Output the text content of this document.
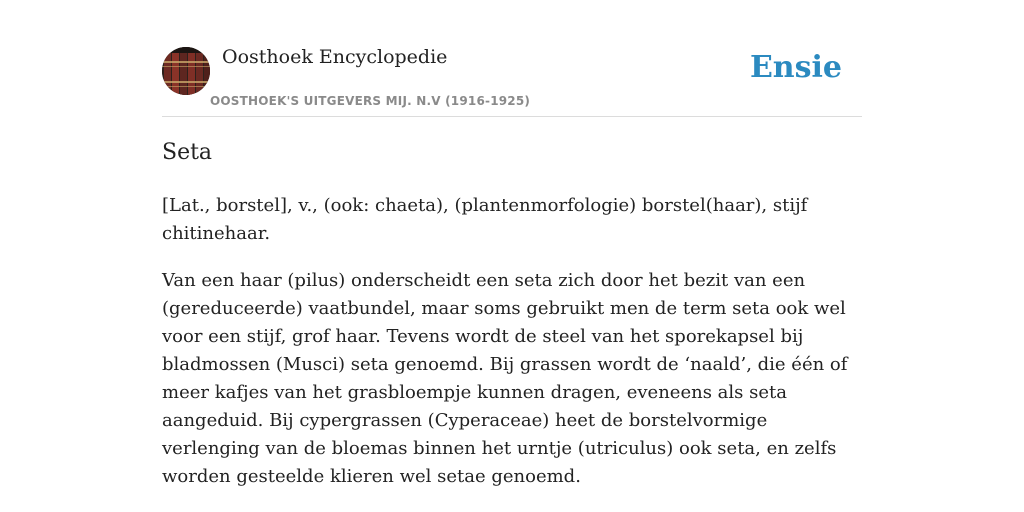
Oosthoek Encyclopedie
OOSTHOEK'S UITGEVERS MIJ. N.V (1916-1925)
Ensie
Seta

[Lat., borstel], v., (ook: chaeta), (plantenmorfologie) borstel(haar), stijf chitinehaar.

Van een haar (pilus) onderscheidt een seta zich door het bezit van een (gereduceerde) vaatbundel, maar soms gebruikt men de term seta ook wel voor een stijf, grof haar. Tevens wordt de steel van het sporekapsel bij bladmossen (Musci) seta genoemd. Bij grassen wordt de ‘naald’, die één of meer kafjes van het grasbloempje kunnen dragen, eveneens als seta aangeduid. Bij cypergrassen (Cyperaceae) heet de borstelvormige verlenging van de bloemas binnen het urntje (utriculus) ook seta, en zelfs worden gesteelde klieren wel setae genoemd.
